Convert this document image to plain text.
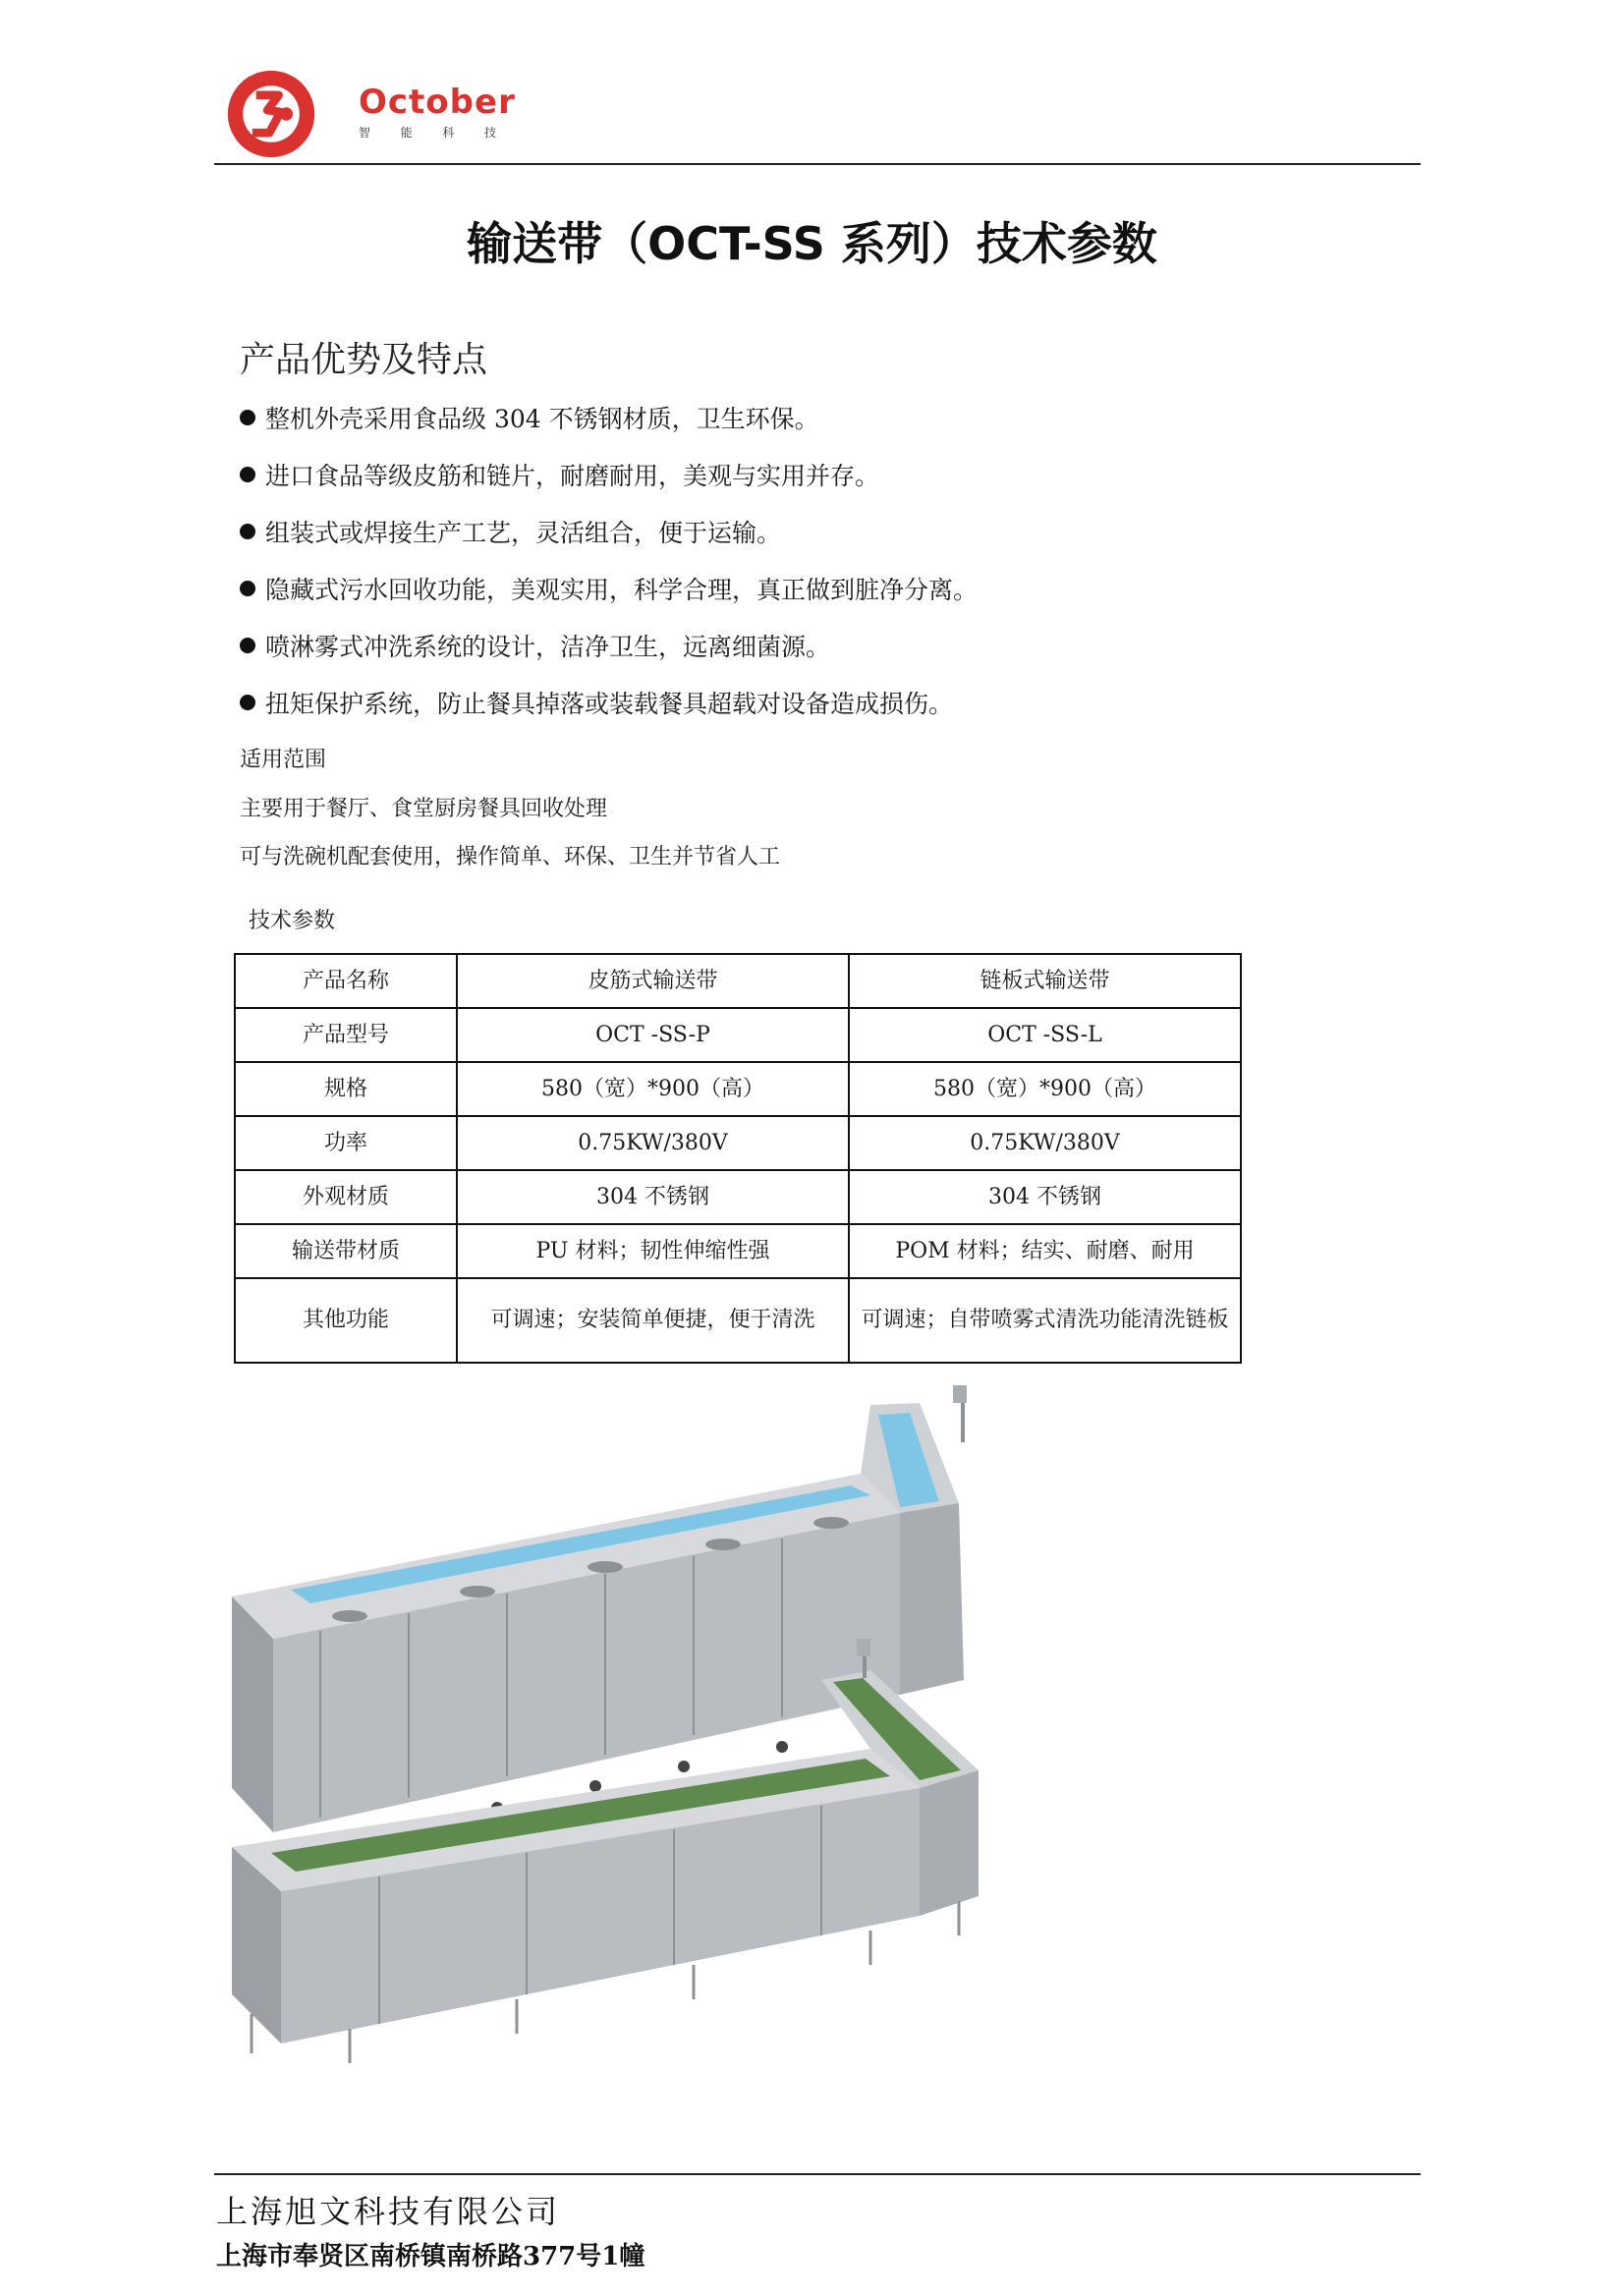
October
智	能	科	技
输送带（OCT-SS 系列）技术参数
产品优势及特点
整机外壳采用食品级 304 不锈钢材质，卫生环保。
进口食品等级皮筋和链片，耐磨耐用，美观与实用并存。
组装式或焊接生产工艺，灵活组合，便于运输。
隐藏式污水回收功能，美观实用，科学合理，真正做到脏净分离。
喷淋雾式冲洗系统的设计，洁净卫生，远离细菌源。
扭矩保护系统，防止餐具掉落或装载餐具超载对设备造成损伤。
适用范围
主要用于餐厅、食堂厨房餐具回收处理
可与洗碗机配套使用，操作简单、环保、卫生并节省人工
技术参数
产品名称	皮筋式输送带	链板式输送带
产品型号	OCT -SS-P	OCT -SS-L
规格	580（宽）*900（高）	580（宽）*900（高）
功率	0.75KW/380V	0.75KW/380V
外观材质	304 不锈钢	304 不锈钢
输送带材质	PU 材料；韧性伸缩性强	POM 材料；结实、耐磨、耐用
其他功能	可调速；安装简单便捷，便于清洗	可调速；自带喷雾式清洗功能清洗链板
上海旭文科技有限公司
上海市奉贤区南桥镇南桥路377号1幢
